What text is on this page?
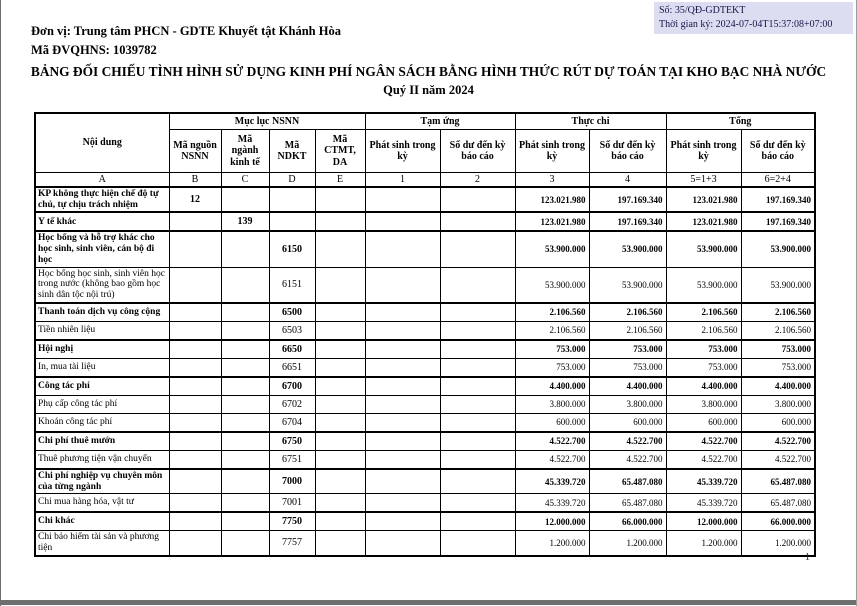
Số: 35/QĐ-GDTEKT
Thời gian ký: 2024-07-04T15:37:08+07:00
Đơn vị: Trung tâm PHCN - GDTE Khuyết tật Khánh Hòa
Mã ĐVQHNS: 1039782
BẢNG ĐỐI CHIẾU TÌNH HÌNH SỬ DỤNG KINH PHÍ NGÂN SÁCH BẰNG HÌNH THỨC RÚT DỰ TOÁN TẠI KHO BẠC NHÀ NƯỚC
Quý II năm 2024
Nội dung	Mục lục NSNN				Tạm ứng		Thực chi		Tổng	
	Mã nguồn NSNN	Mã ngành kinh tế	Mã NDKT	Mã CTMT, DA	Phát sinh trong kỳ	Số dư đến kỳ báo cáo	Phát sinh trong kỳ	Số dư đến kỳ báo cáo	Phát sinh trong kỳ	Số dư đến kỳ báo cáo
A	B	C	D	E	1	2	3	4	5=1+3	6=2+4
KP không thực hiện chế độ tự chủ, tự chịu trách nhiệm	12						123.021.980	197.169.340	123.021.980	197.169.340
Y tế khác		139					123.021.980	197.169.340	123.021.980	197.169.340
Học bổng và hỗ trợ khác cho học sinh, sinh viên, cán bộ đi học			6150				53.900.000	53.900.000	53.900.000	53.900.000
Học bổng học sinh, sinh viên học trong nước (không bao gồm học sinh dân tộc nội trú)			6151				53.900.000	53.900.000	53.900.000	53.900.000
Thanh toán dịch vụ công cộng			6500				2.106.560	2.106.560	2.106.560	2.106.560
Tiền nhiên liệu			6503				2.106.560	2.106.560	2.106.560	2.106.560
Hội nghị			6650				753.000	753.000	753.000	753.000
In, mua tài liệu			6651				753.000	753.000	753.000	753.000
Công tác phí			6700				4.400.000	4.400.000	4.400.000	4.400.000
Phụ cấp công tác phí			6702				3.800.000	3.800.000	3.800.000	3.800.000
Khoán công tác phí			6704				600.000	600.000	600.000	600.000
Chi phí thuê mướn			6750				4.522.700	4.522.700	4.522.700	4.522.700
Thuê phương tiện vận chuyển			6751				4.522.700	4.522.700	4.522.700	4.522.700
Chi phí nghiệp vụ chuyên môn của từng ngành			7000				45.339.720	65.487.080	45.339.720	65.487.080
Chi mua hàng hóa, vật tư			7001				45.339.720	65.487.080	45.339.720	65.487.080
Chi khác			7750				12.000.000	66.000.000	12.000.000	66.000.000
Chi bảo hiểm tài sản và phương tiện			7757				1.200.000	1.200.000	1.200.000	1.200.000
1
